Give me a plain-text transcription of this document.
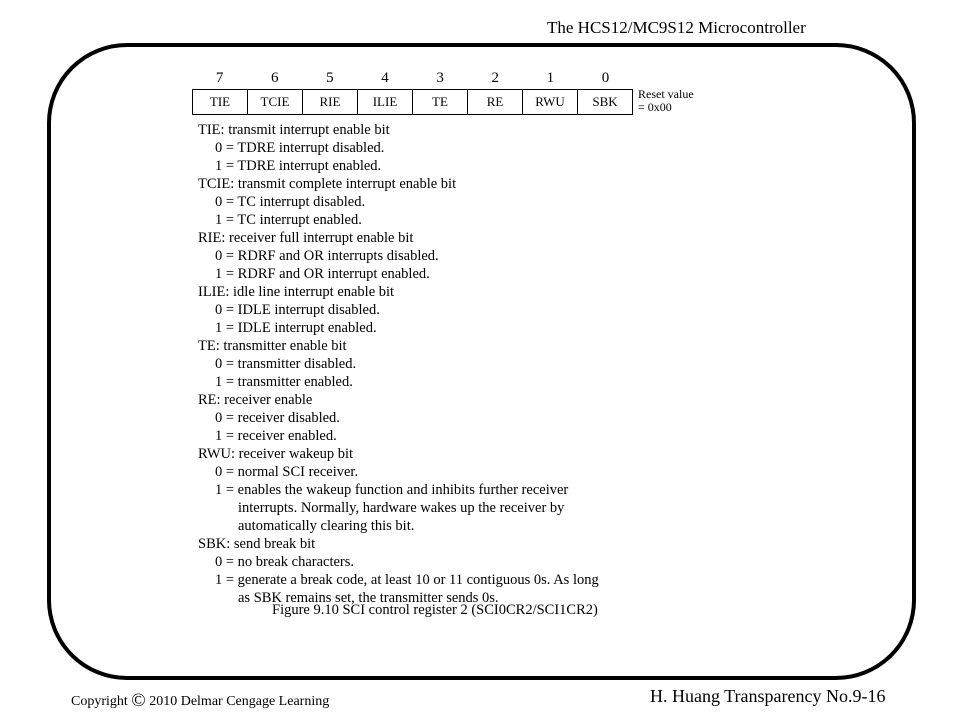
The HCS12/MC9S12 Microcontroller
7	6	5	4	3	2	1	0
TIE	TCIE	RIE	ILIE	TE	RE	RWU	SBK	Reset value
= 0x00
TIE: transmit interrupt enable bit
0 = TDRE interrupt disabled.
1 = TDRE interrupt enabled.
TCIE: transmit complete interrupt enable bit
0 = TC interrupt disabled.
1 = TC interrupt enabled.
RIE: receiver full interrupt enable bit
0 = RDRF and OR interrupts disabled.
1 = RDRF and OR interrupt enabled.
ILIE: idle line interrupt enable bit
0 = IDLE interrupt disabled.
1 = IDLE interrupt enabled.
TE: transmitter enable bit
0 = transmitter disabled.
1 = transmitter enabled.
RE: receiver enable
0 = receiver disabled.
1 = receiver enabled.
RWU: receiver wakeup bit
0 = normal SCI receiver.
1 = enables the wakeup function and inhibits further receiver
interrupts. Normally, hardware wakes up the receiver by
automatically clearing this bit.
SBK: send break bit
0 = no break characters.
1 = generate a break code, at least 10 or 11 contiguous 0s. As long
as SBK remains set, the transmitter sends 0s.
Figure 9.10 SCI control register 2 (SCI0CR2/SCI1CR2)
Copyright © 2010 Delmar Cengage Learning	H. Huang Transparency No.9-16
